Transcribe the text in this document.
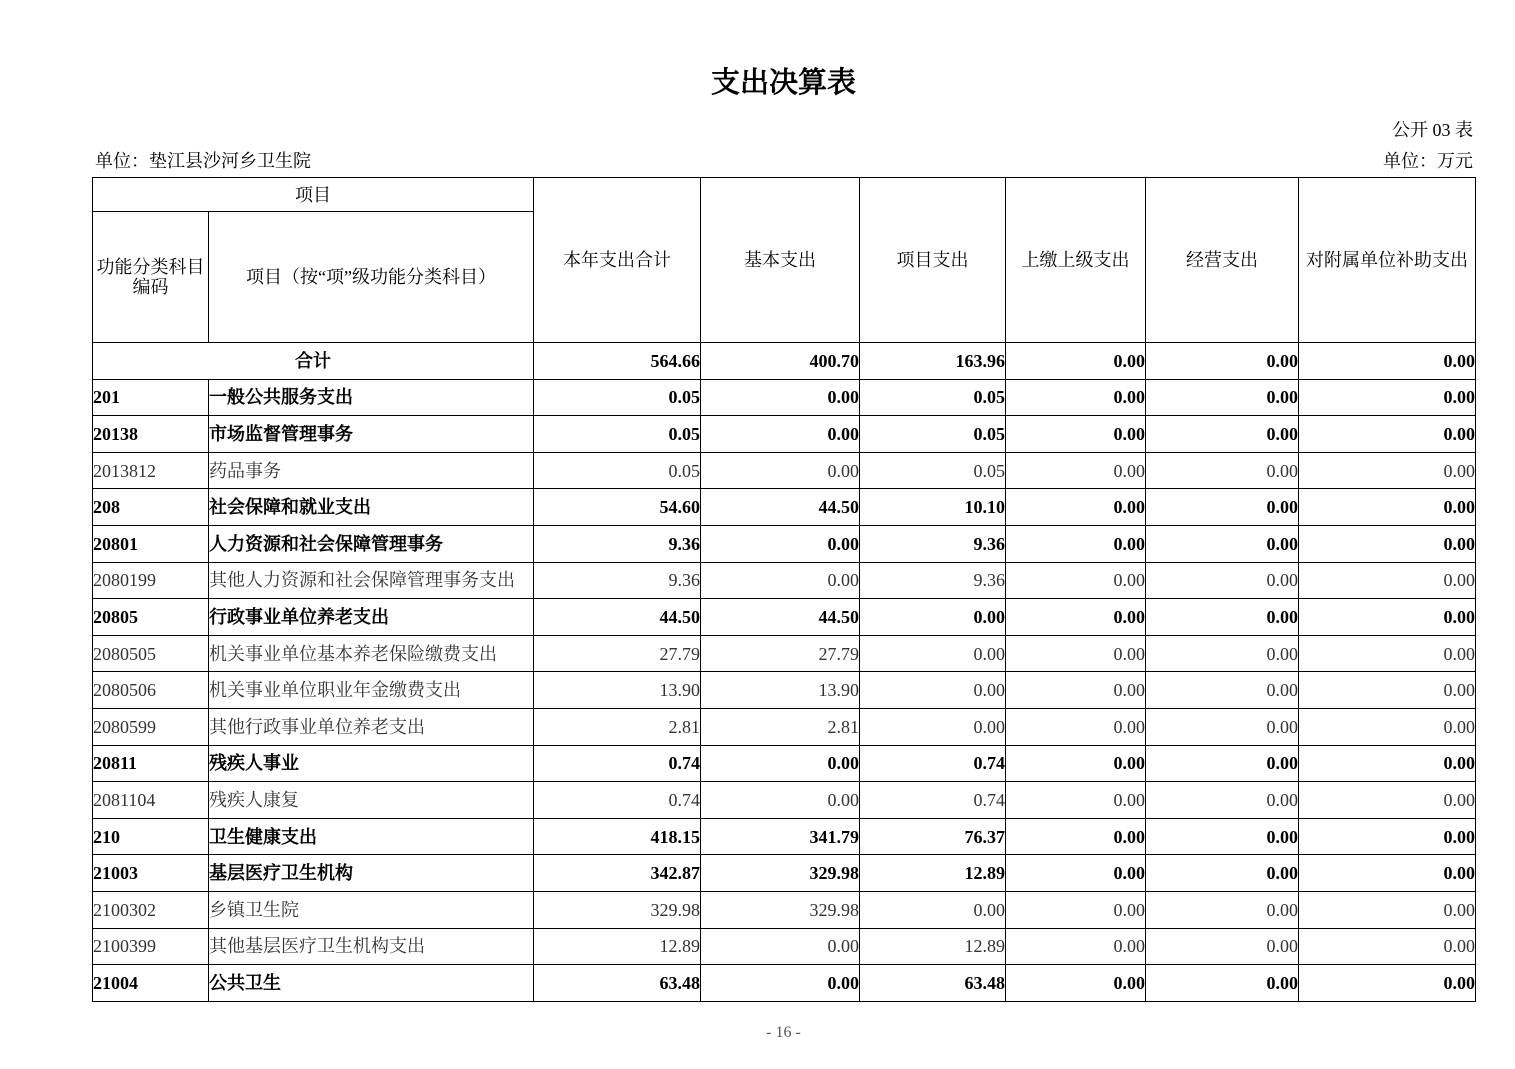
支出决算表
公开 03 表
单位：垫江县沙河乡卫生院	单位：万元
项目		本年支出合计	基本支出	项目支出	上缴上级支出	经营支出	对附属单位补助支出
功能分类科目编码	项目（按“项”级功能分类科目）						
合计		564.66	400.70	163.96	0.00	0.00	0.00
201	一般公共服务支出	0.05	0.00	0.05	0.00	0.00	0.00
20138	市场监督管理事务	0.05	0.00	0.05	0.00	0.00	0.00
2013812	药品事务	0.05	0.00	0.05	0.00	0.00	0.00
208	社会保障和就业支出	54.60	44.50	10.10	0.00	0.00	0.00
20801	人力资源和社会保障管理事务	9.36	0.00	9.36	0.00	0.00	0.00
2080199	其他人力资源和社会保障管理事务支出	9.36	0.00	9.36	0.00	0.00	0.00
20805	行政事业单位养老支出	44.50	44.50	0.00	0.00	0.00	0.00
2080505	机关事业单位基本养老保险缴费支出	27.79	27.79	0.00	0.00	0.00	0.00
2080506	机关事业单位职业年金缴费支出	13.90	13.90	0.00	0.00	0.00	0.00
2080599	其他行政事业单位养老支出	2.81	2.81	0.00	0.00	0.00	0.00
20811	残疾人事业	0.74	0.00	0.74	0.00	0.00	0.00
2081104	残疾人康复	0.74	0.00	0.74	0.00	0.00	0.00
210	卫生健康支出	418.15	341.79	76.37	0.00	0.00	0.00
21003	基层医疗卫生机构	342.87	329.98	12.89	0.00	0.00	0.00
2100302	乡镇卫生院	329.98	329.98	0.00	0.00	0.00	0.00
2100399	其他基层医疗卫生机构支出	12.89	0.00	12.89	0.00	0.00	0.00
21004	公共卫生	63.48	0.00	63.48	0.00	0.00	0.00
- 16 -
